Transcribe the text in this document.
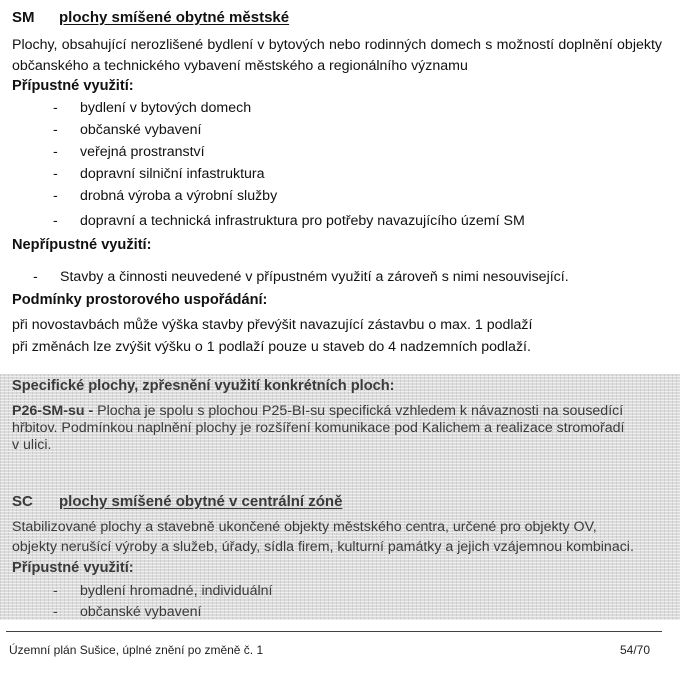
SM plochy smíšené obytné městské
Plochy, obsahující nerozlišené bydlení v bytových nebo rodinných domech s možností doplnění objekty občanského a technického vybavení městského a regionálního významu
Přípustné využití:
- bydlení v bytových domech
- občanské vybavení
- veřejná prostranství
- dopravní silniční infastruktura
- drobná výroba a výrobní služby
- dopravní a technická infrastruktura pro potřeby navazujícího území SM
Nepřípustné využití:
- Stavby a činnosti neuvedené v přípustném využití a zároveň s nimi nesouvisející.
Podmínky prostorového uspořádání:
při novostavbách může výška stavby převýšit navazující zástavbu o max. 1 podlaží
při změnách lze zvýšit výšku o 1 podlaží pouze u staveb do 4 nadzemních podlaží.
Specifické plochy, zpřesnění využití konkrétních ploch:
P26-SM-su - Plocha je spolu s plochou P25-BI-su specifická vzhledem k návaznosti na sousedící
hřbitov. Podmínkou naplnění plochy je rozšíření komunikace pod Kalichem a realizace stromořadí
v ulici.
SC plochy smíšené obytné v centrální zóně
Stabilizované plochy a stavebně ukončené objekty městského centra, určené pro objekty OV,
objekty nerušící výroby a služeb, úřady, sídla firem, kulturní památky a jejich vzájemnou kombinaci.
Přípustné využití:
- bydlení hromadné, individuální
- občanské vybavení
Územní plán Sušice, úplné znění po změně č. 1	54/70
